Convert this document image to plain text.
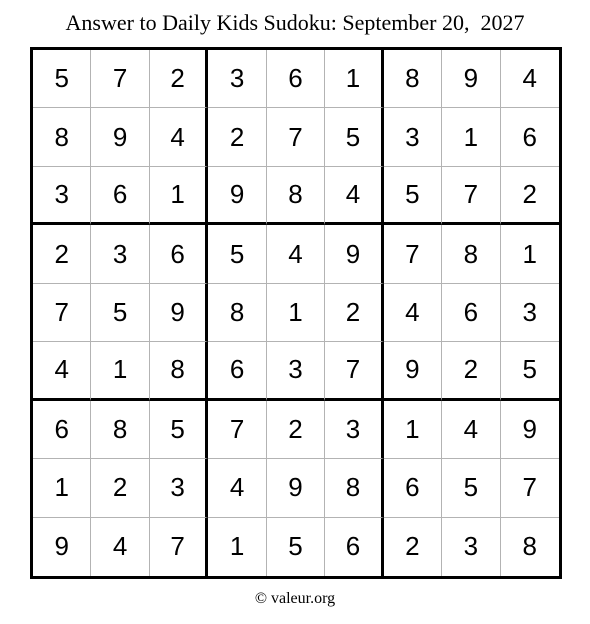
Answer to Daily Kids Sudoku: September 20,  2027
5	7	2	3	6	1	8	9	4
8	9	4	2	7	5	3	1	6
3	6	1	9	8	4	5	7	2
2	3	6	5	4	9	7	8	1
7	5	9	8	1	2	4	6	3
4	1	8	6	3	7	9	2	5
6	8	5	7	2	3	1	4	9
1	2	3	4	9	8	6	5	7
9	4	7	1	5	6	2	3	8
© valeur.org
